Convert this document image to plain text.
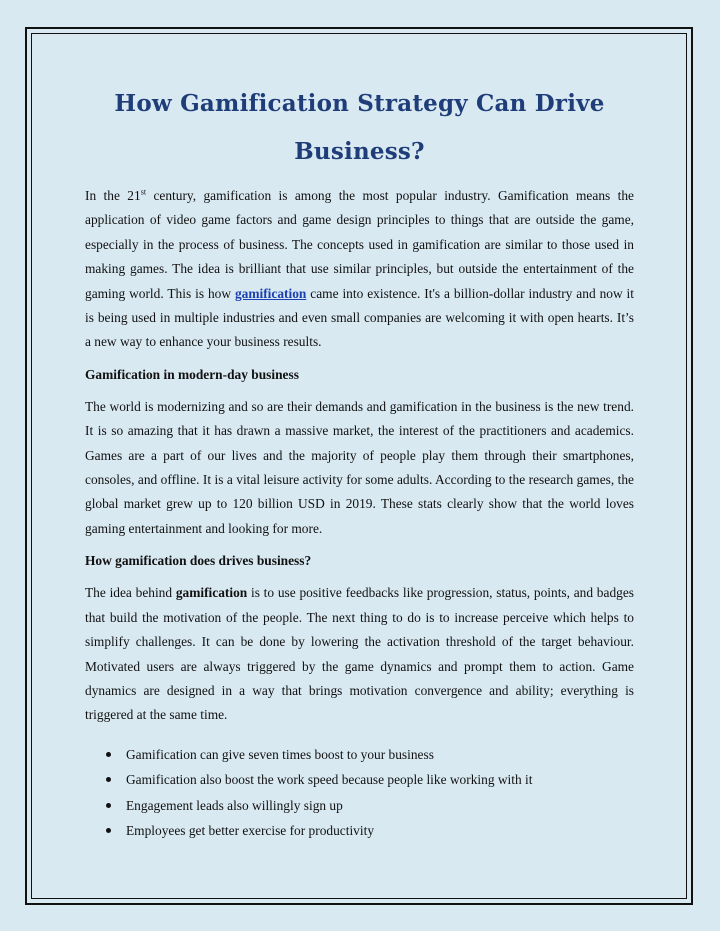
How Gamification Strategy Can Drive
Business?

In the 21st century, gamification is among the most popular industry. Gamification means the application of video game factors and game design principles to things that are outside the game, especially in the process of business. The concepts used in gamification are similar to those used in making games. The idea is brilliant that use similar principles, but outside the entertainment of the gaming world. This is how gamification came into existence. It's a billion-dollar industry and now it is being used in multiple industries and even small companies are welcoming it with open hearts. It’s a new way to enhance your business results.

Gamification in modern-day business

The world is modernizing and so are their demands and gamification in the business is the new trend. It is so amazing that it has drawn a massive market, the interest of the practitioners and academics. Games are a part of our lives and the majority of people play them through their smartphones, consoles, and offline. It is a vital leisure activity for some adults. According to the research games, the global market grew up to 120 billion USD in 2019. These stats clearly show that the world loves gaming entertainment and looking for more.

How gamification does drives business?

The idea behind gamification is to use positive feedbacks like progression, status, points, and badges that build the motivation of the people. The next thing to do is to increase perceive which helps to simplify challenges. It can be done by lowering the activation threshold of the target behaviour. Motivated users are always triggered by the game dynamics and prompt them to action. Game dynamics are designed in a way that brings motivation convergence and ability; everything is triggered at the same time.

Gamification can give seven times boost to your business
Gamification also boost the work speed because people like working with it
Engagement leads also willingly sign up
Employees get better exercise for productivity
